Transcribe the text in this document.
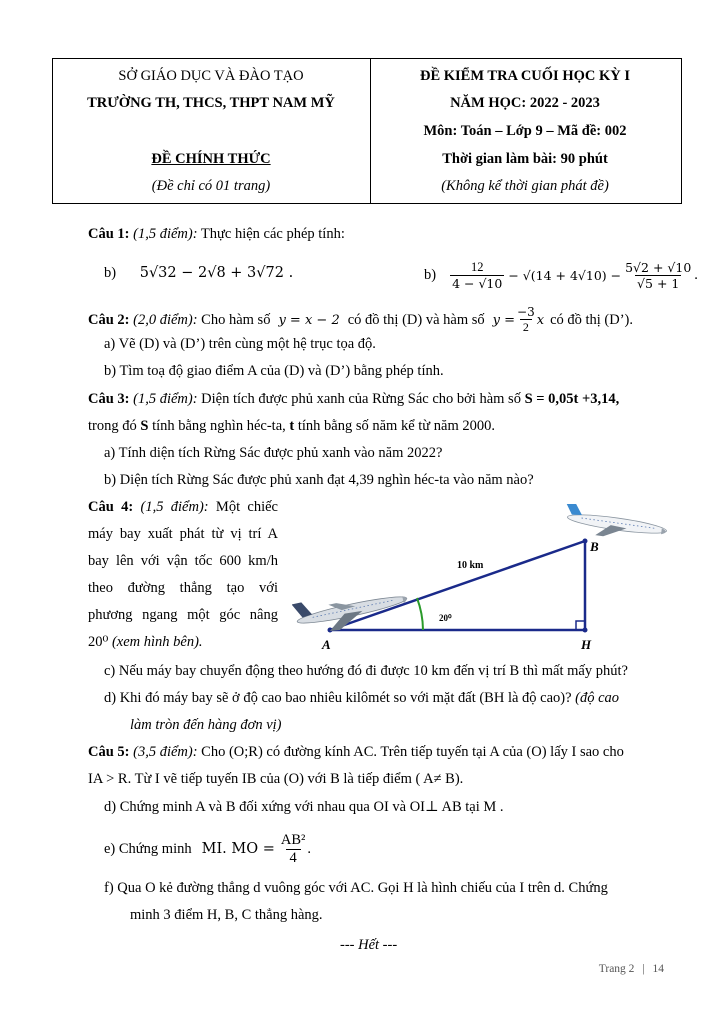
SỞ GIÁO DỤC VÀ ĐÀO TẠO
TRƯỜNG TH, THCS, THPT NAM MỸ
ĐỀ CHÍNH THỨC
(Đề chỉ có 01 trang)
ĐỀ KIỂM TRA CUỐI HỌC KỲ I
NĂM HỌC: 2022 - 2023
Môn: Toán – Lớp 9 – Mã đề: 002
Thời gian làm bài: 90 phút
(Không kể thời gian phát đề)
Câu 1: (1,5 điểm): Thực hiện các phép tính:
b) 5√32 − 2√8 + 3√72 .	b)	12
4 − √10
− $√(14 + 4√10) - \frac{5√2 + √10}{√5 + 1}$ .
Câu 2:
(2,0 điểm):
Cho hàm số y = x − 2 có đồ thị (D) và hàm số $y = \frac{-3}{2}$ x có đồ thị (D’).
a) Vẽ (D) và (D’) trên cùng một hệ trục tọa độ.
b) Tìm toạ độ giao điểm A của (D) và (D’) bằng phép tính.
Câu 3: (1,5 điểm): Diện tích được phủ xanh của Rừng Sác cho bởi hàm số S = 0,05t +3,14,
trong đó S tính bằng nghìn héc-ta, t tính bằng số năm kể từ năm 2000.
a) Tính diện tích Rừng Sác được phủ xanh vào năm 2022?
b) Diện tích Rừng Sác được phủ xanh đạt 4,39 nghìn héc-ta vào năm nào?
Câu 4: (1,5 điểm): Một chiếc
máy bay xuất phát từ vị trí A
bay lên với vận tốc 600 km/h
theo đường thẳng tạo với
phương ngang một góc nâng
20⁰ (xem hình bên).	A
B
H
10 km
20⁰
c) Nếu máy bay chuyển động theo hướng đó đi được 10 km đến vị trí B thì mất mấy phút?
d) Khi đó máy bay sẽ ở độ cao bao nhiêu kilômét so với mặt đất (BH là độ cao)? (độ cao
làm tròn đến hàng đơn vị)
Câu 5: (3,5 điểm): Cho (O;R) có đường kính AC. Trên tiếp tuyến tại A của (O) lấy I sao cho
IA > R. Từ I vẽ tiếp tuyến IB của (O) với B là tiếp điểm ( A≠ B).
d) Chứng minh A và B đối xứng với nhau qua OI và OI⊥ AB tại M .
e) Chứng minh MI. MO = $\frac{\text{AB²}}{4}$ .
f) Qua O kẻ đường thẳng d vuông góc với AC. Gọi H là hình chiếu của I trên d. Chứng
minh 3 điểm H, B, C thẳng hàng.
--- Hết ---
Trang 2 | 14
